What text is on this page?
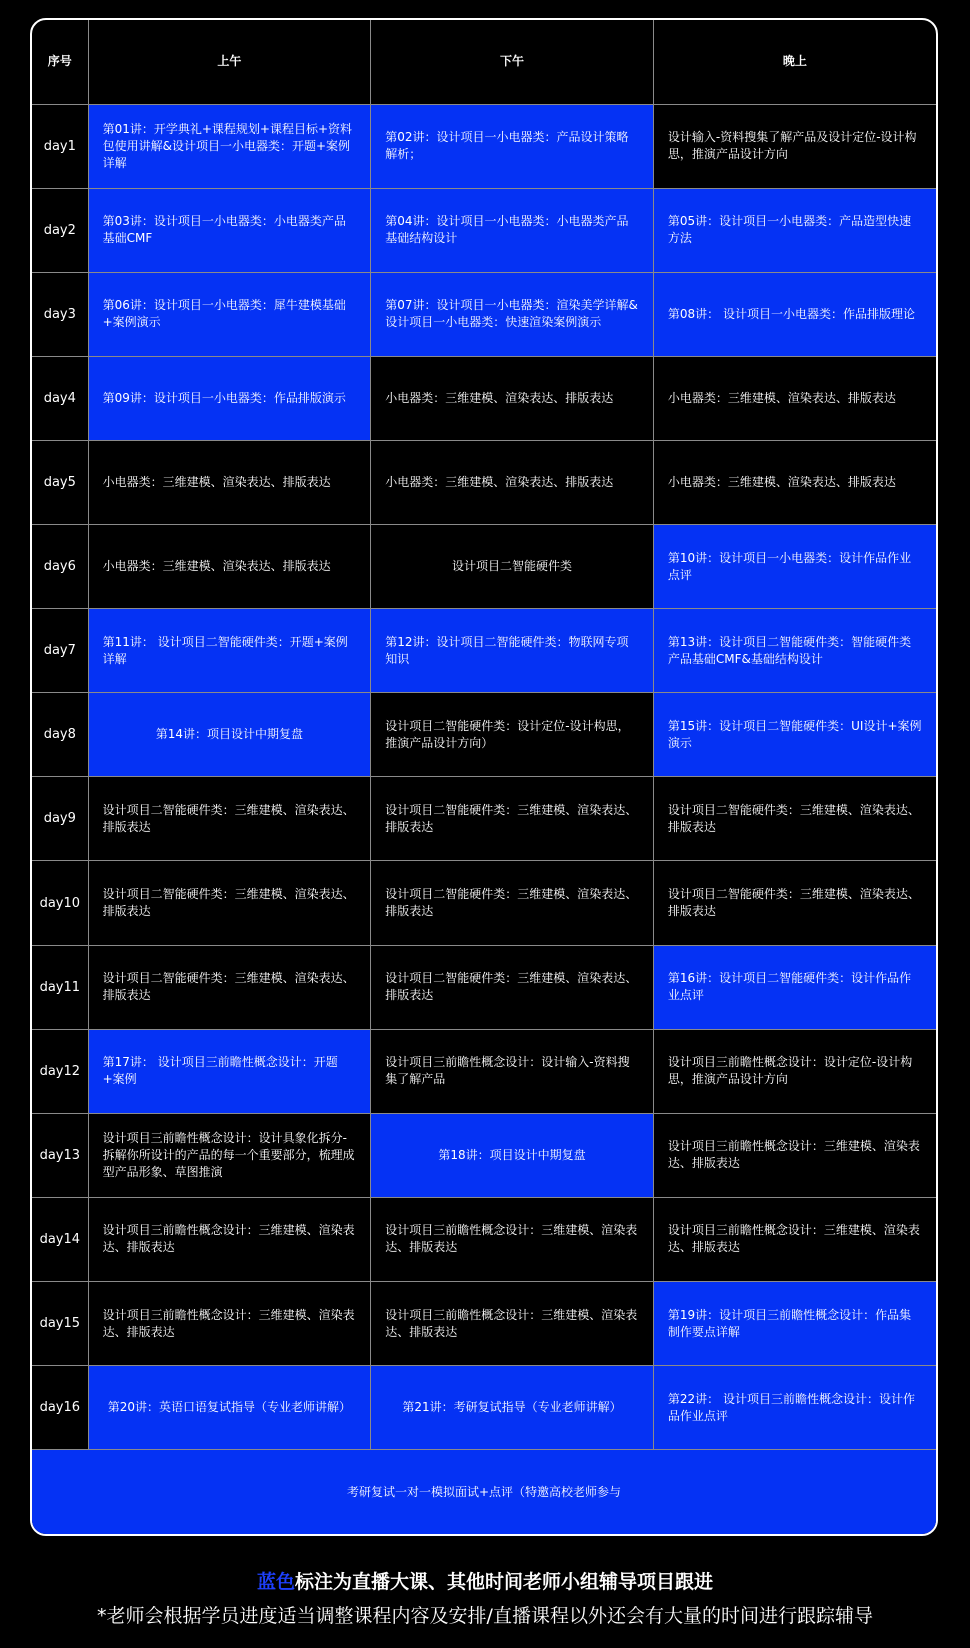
序号	上午	下午	晚上
day1	第01讲：开学典礼+课程规划+课程目标+资料包使用讲解&设计项目一小电器类：开题+案例详解	第02讲：设计项目一小电器类：产品设计策略解析；	设计输入-资料搜集了解产品及设计定位-设计构思，推演产品设计方向
day2	第03讲：设计项目一小电器类：小电器类产品基础CMF	第04讲：设计项目一小电器类：小电器类产品基础结构设计	第05讲：设计项目一小电器类：产品造型快速方法
day3	第06讲：设计项目一小电器类：犀牛建模基础+案例演示	第07讲：设计项目一小电器类：渲染美学详解&设计项目一小电器类：快速渲染案例演示	第08讲： 设计项目一小电器类：作品排版理论
day4	第09讲：设计项目一小电器类：作品排版演示	小电器类：三维建模、渲染表达、排版表达	小电器类：三维建模、渲染表达、排版表达
day5	小电器类：三维建模、渲染表达、排版表达	小电器类：三维建模、渲染表达、排版表达	小电器类：三维建模、渲染表达、排版表达
day6	小电器类：三维建模、渲染表达、排版表达	设计项目二智能硬件类	第10讲：设计项目一小电器类：设计作品作业点评
day7	第11讲： 设计项目二智能硬件类：开题+案例详解	第12讲：设计项目二智能硬件类：物联网专项知识	第13讲：设计项目二智能硬件类：智能硬件类产品基础CMF&基础结构设计
day8	第14讲：项目设计中期复盘	设计项目二智能硬件类：设计定位-设计构思，推演产品设计方向）	第15讲：设计项目二智能硬件类：UI设计+案例演示
day9	设计项目二智能硬件类：三维建模、渲染表达、排版表达	设计项目二智能硬件类：三维建模、渲染表达、排版表达	设计项目二智能硬件类：三维建模、渲染表达、排版表达
day10	设计项目二智能硬件类：三维建模、渲染表达、排版表达	设计项目二智能硬件类：三维建模、渲染表达、排版表达	设计项目二智能硬件类：三维建模、渲染表达、排版表达
day11	设计项目二智能硬件类：三维建模、渲染表达、排版表达	设计项目二智能硬件类：三维建模、渲染表达、排版表达	第16讲：设计项目二智能硬件类：设计作品作业点评
day12	第17讲： 设计项目三前瞻性概念设计：开题+案例	设计项目三前瞻性概念设计：设计输入-资料搜集了解产品	设计项目三前瞻性概念设计：设计定位-设计构思，推演产品设计方向
day13	设计项目三前瞻性概念设计：设计具象化拆分-拆解你所设计的产品的每一个重要部分，梳理成型产品形象、草图推演	第18讲：项目设计中期复盘	设计项目三前瞻性概念设计：三维建模、渲染表达、排版表达
day14	设计项目三前瞻性概念设计：三维建模、渲染表达、排版表达	设计项目三前瞻性概念设计：三维建模、渲染表达、排版表达	设计项目三前瞻性概念设计：三维建模、渲染表达、排版表达
day15	设计项目三前瞻性概念设计：三维建模、渲染表达、排版表达	设计项目三前瞻性概念设计：三维建模、渲染表达、排版表达	第19讲：设计项目三前瞻性概念设计：作品集制作要点详解
day16	第20讲：英语口语复试指导（专业老师讲解）	第21讲：考研复试指导（专业老师讲解）	第22讲： 设计项目三前瞻性概念设计：设计作品作业点评
考研复试一对一模拟面试+点评（特邀高校老师参与			
蓝色标注为直播大课、其他时间老师小组辅导项目跟进
*老师会根据学员进度适当调整课程内容及安排/直播课程以外还会有大量的时间进行跟踪辅导
